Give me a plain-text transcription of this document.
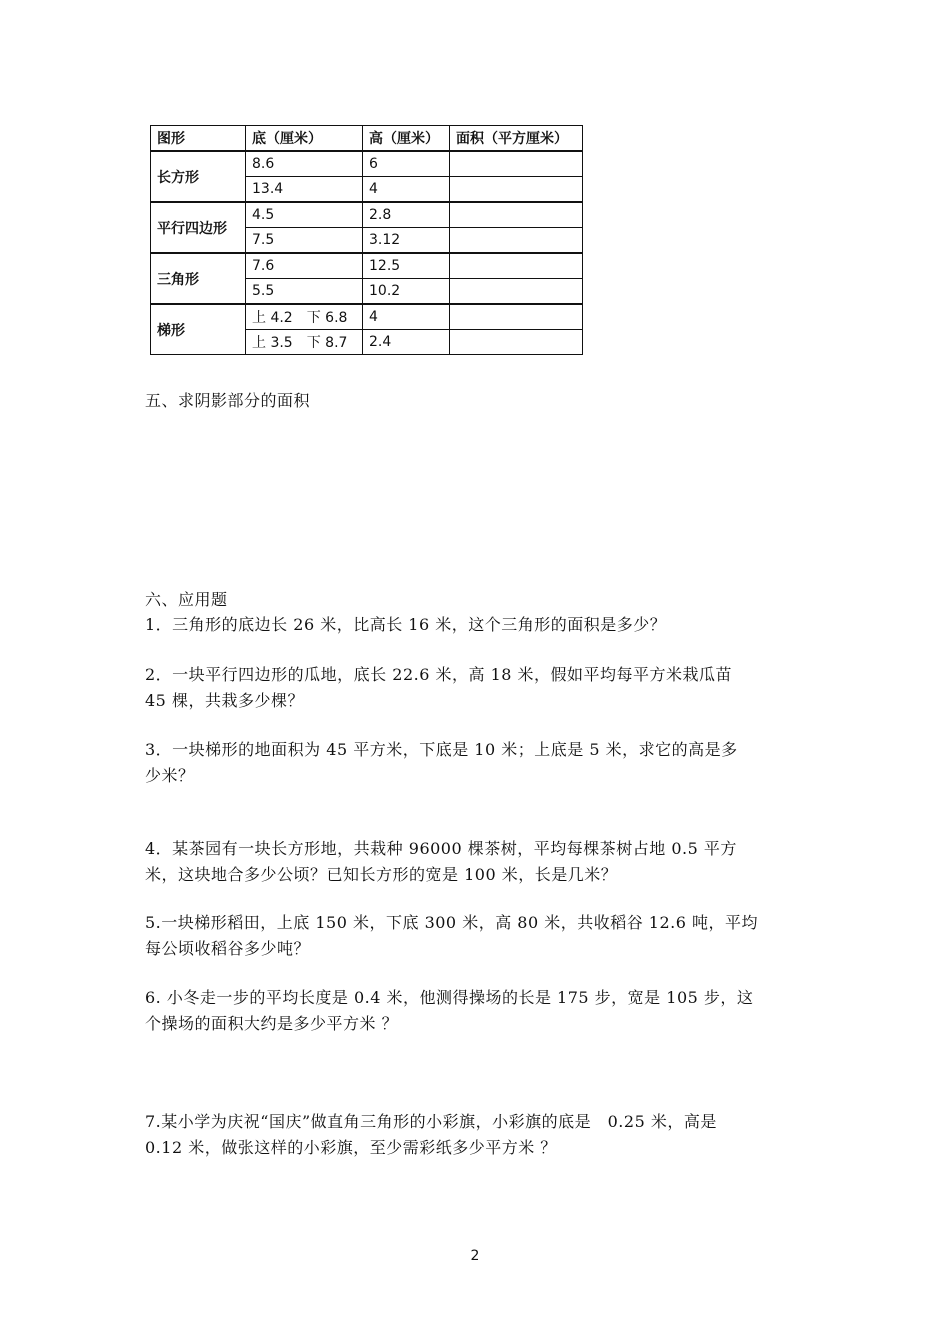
图形	底（厘米）	高（厘米）	面积（平方厘米）
长方形	8.6	6	
	13.4	4	
平行四边形	4.5	2.8	
	7.5	3.12	
三角形	7.6	12.5	
	5.5	10.2	
梯形	上 4.2　下 6.8	4	
	上 3.5　下 8.7	2.4	
五、求阴影部分的面积
六、应用题
1．三角形的底边长 26 米，比高长 16 米，这个三角形的面积是多少？
2．一块平行四边形的瓜地，底长 22.6 米，高 18 米，假如平均每平方米栽瓜苗
45 棵，共栽多少棵？
3．一块梯形的地面积为 45 平方米，下底是 10 米；上底是 5 米，求它的高是多
少米？
4．某茶园有一块长方形地，共栽种 96000 棵茶树，平均每棵茶树占地 0.5 平方
米，这块地合多少公顷？已知长方形的宽是 100 米，长是几米？
5.一块梯形稻田，上底 150 米，下底 300 米，高 80 米，共收稻谷 12.6 吨，平均
每公顷收稻谷多少吨？
6. 小冬走一步的平均长度是 0.4 米，他测得操场的长是 175 步，宽是 105 步，这
个操场的面积大约是多少平方米 ？
7.某小学为庆祝“国庆”做直角三角形的小彩旗，小彩旗的底是　0.25 米，高是
0.12 米，做张这样的小彩旗，至少需彩纸多少平方米 ？
2
